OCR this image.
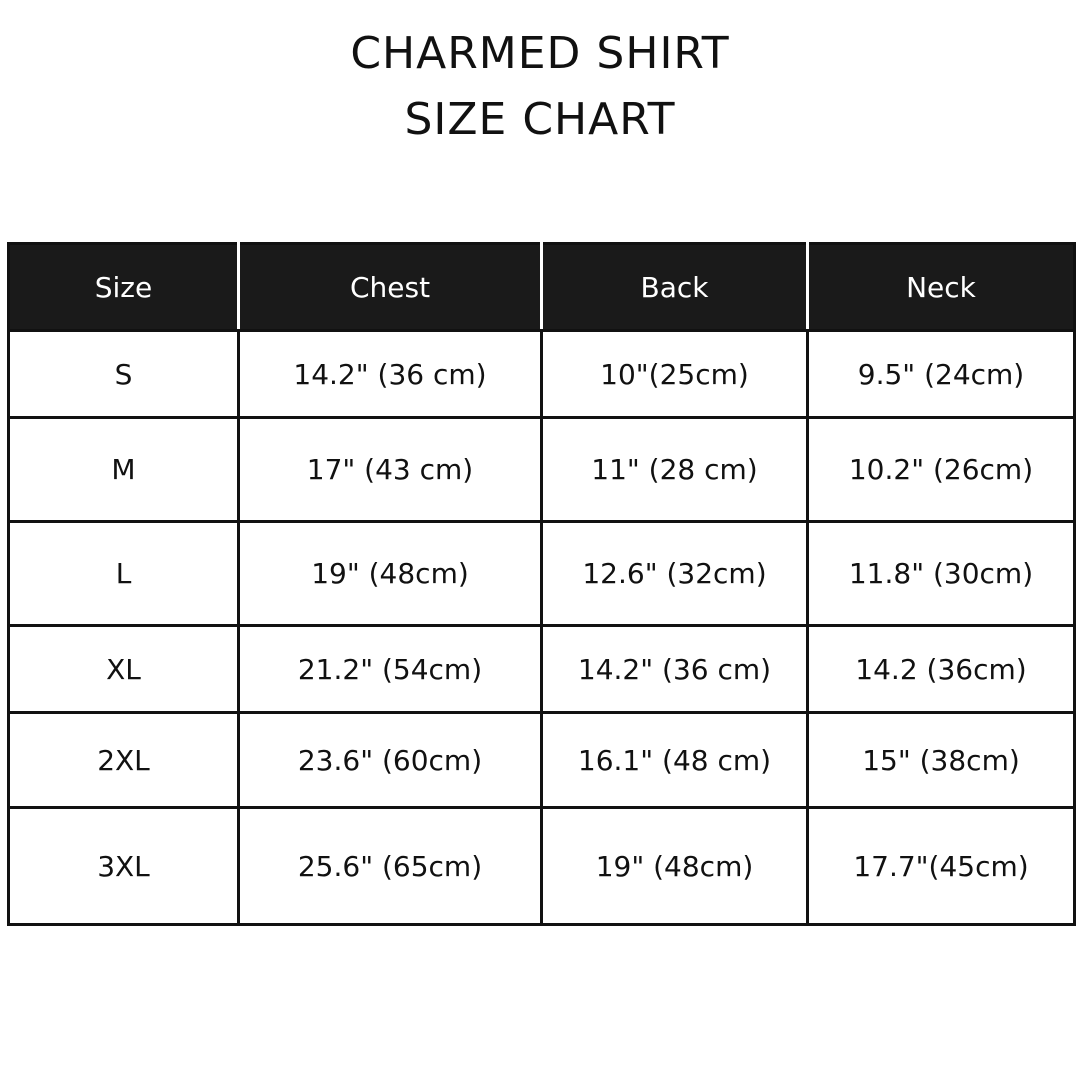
CHARMED SHIRT
SIZE CHART
Size	Chest	Back	Neck
S	14.2" (36 cm)	10"(25cm)	9.5" (24cm)
M	17" (43 cm)	11" (28 cm)	10.2" (26cm)
L	19" (48cm)	12.6" (32cm)	11.8" (30cm)
XL	21.2" (54cm)	14.2" (36 cm)	14.2 (36cm)
2XL	23.6" (60cm)	16.1" (48 cm)	15" (38cm)
3XL	25.6" (65cm)	19" (48cm)	17.7"(45cm)
